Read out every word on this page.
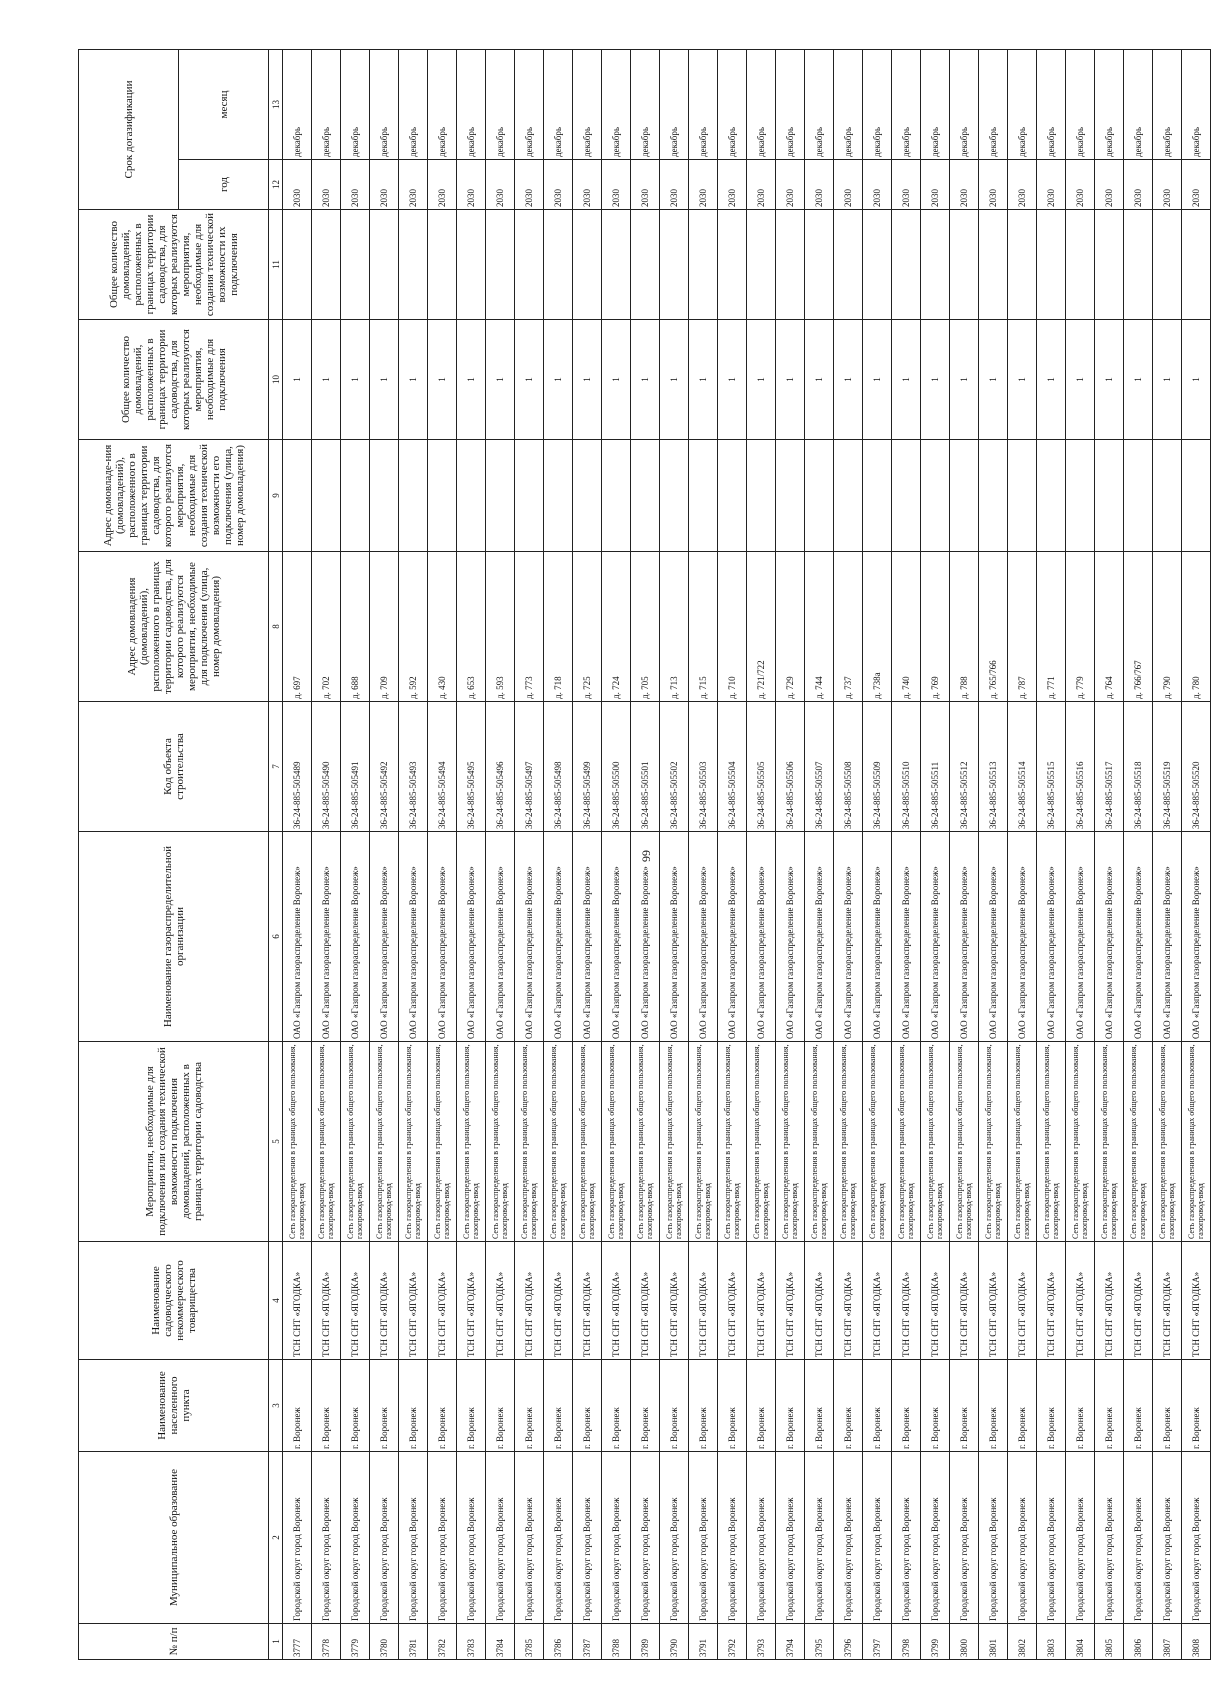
66
№ п/п	Муниципальное образование	Наименование населенного пункта	Наименование садоводческого некоммерческого товарищества	Мероприятия, необходимые для подключения или создания технической возможности подключения домовладений, расположенных в границах территории садоводства	Наименование газораспределительной организации	Код объекта строительства	Адрес домовладения (домовладений), расположенного в границах территории садоводства, для которого реализуются мероприятия, необходимые для подключения (улица, номер домовладения)	Адрес домовладе-ния (домовладений), расположенного в границах территории садоводства, для которого реализуются мероприятия, необходимые для создания технической возможности его подключения (улица, номер домовладения)	Общее количество домовладений, расположенных в границах территории садоводства, для которых реализуются мероприятия, необходимые для подключения	Общее количество домовладений, расположенных в границах территории садоводства, для которых реализуются мероприятия, необходимые для создания технической возможности их подключения	Срок догазификации	
											год	месяц
1	2	3	4	5	6	7	8	9	10	11	12	13
3777	Городской округ город Воронеж	г. Воронеж	ТСН СНТ «ЯГОДКА»	Сеть газораспределения в границах общего пользования, газопровод-ввод	ОАО «Газпром газораспределение Воронеж»	36-24-885-505489	д. 697		1		2030	декабрь
3778	Городской округ город Воронеж	г. Воронеж	ТСН СНТ «ЯГОДКА»	Сеть газораспределения в границах общего пользования, газопровод-ввод	ОАО «Газпром газораспределение Воронеж»	36-24-885-505490	д. 702		1		2030	декабрь
3779	Городской округ город Воронеж	г. Воронеж	ТСН СНТ «ЯГОДКА»	Сеть газораспределения в границах общего пользования, газопровод-ввод	ОАО «Газпром газораспределение Воронеж»	36-24-885-505491	д. 688		1		2030	декабрь
3780	Городской округ город Воронеж	г. Воронеж	ТСН СНТ «ЯГОДКА»	Сеть газораспределения в границах общего пользования, газопровод-ввод	ОАО «Газпром газораспределение Воронеж»	36-24-885-505492	д. 709		1		2030	декабрь
3781	Городской округ город Воронеж	г. Воронеж	ТСН СНТ «ЯГОДКА»	Сеть газораспределения в границах общего пользования, газопровод-ввод	ОАО «Газпром газораспределение Воронеж»	36-24-885-505493	д. 592		1		2030	декабрь
3782	Городской округ город Воронеж	г. Воронеж	ТСН СНТ «ЯГОДКА»	Сеть газораспределения в границах общего пользования, газопровод-ввод	ОАО «Газпром газораспределение Воронеж»	36-24-885-505494	д. 430		1		2030	декабрь
3783	Городской округ город Воронеж	г. Воронеж	ТСН СНТ «ЯГОДКА»	Сеть газораспределения в границах общего пользования, газопровод-ввод	ОАО «Газпром газораспределение Воронеж»	36-24-885-505495	д. 653		1		2030	декабрь
3784	Городской округ город Воронеж	г. Воронеж	ТСН СНТ «ЯГОДКА»	Сеть газораспределения в границах общего пользования, газопровод-ввод	ОАО «Газпром газораспределение Воронеж»	36-24-885-505496	д. 593		1		2030	декабрь
3785	Городской округ город Воронеж	г. Воронеж	ТСН СНТ «ЯГОДКА»	Сеть газораспределения в границах общего пользования, газопровод-ввод	ОАО «Газпром газораспределение Воронеж»	36-24-885-505497	д. 773		1		2030	декабрь
3786	Городской округ город Воронеж	г. Воронеж	ТСН СНТ «ЯГОДКА»	Сеть газораспределения в границах общего пользования, газопровод-ввод	ОАО «Газпром газораспределение Воронеж»	36-24-885-505498	д. 718		1		2030	декабрь
3787	Городской округ город Воронеж	г. Воронеж	ТСН СНТ «ЯГОДКА»	Сеть газораспределения в границах общего пользования, газопровод-ввод	ОАО «Газпром газораспределение Воронеж»	36-24-885-505499	д. 725		1		2030	декабрь
3788	Городской округ город Воронеж	г. Воронеж	ТСН СНТ «ЯГОДКА»	Сеть газораспределения в границах общего пользования, газопровод-ввод	ОАО «Газпром газораспределение Воронеж»	36-24-885-505500	д. 724		1		2030	декабрь
3789	Городской округ город Воронеж	г. Воронеж	ТСН СНТ «ЯГОДКА»	Сеть газораспределения в границах общего пользования, газопровод-ввод	ОАО «Газпром газораспределение Воронеж»	36-24-885-505501	д. 705		1		2030	декабрь
3790	Городской округ город Воронеж	г. Воронеж	ТСН СНТ «ЯГОДКА»	Сеть газораспределения в границах общего пользования, газопровод-ввод	ОАО «Газпром газораспределение Воронеж»	36-24-885-505502	д. 713		1		2030	декабрь
3791	Городской округ город Воронеж	г. Воронеж	ТСН СНТ «ЯГОДКА»	Сеть газораспределения в границах общего пользования, газопровод-ввод	ОАО «Газпром газораспределение Воронеж»	36-24-885-505503	д. 715		1		2030	декабрь
3792	Городской округ город Воронеж	г. Воронеж	ТСН СНТ «ЯГОДКА»	Сеть газораспределения в границах общего пользования, газопровод-ввод	ОАО «Газпром газораспределение Воронеж»	36-24-885-505504	д. 710		1		2030	декабрь
3793	Городской округ город Воронеж	г. Воронеж	ТСН СНТ «ЯГОДКА»	Сеть газораспределения в границах общего пользования, газопровод-ввод	ОАО «Газпром газораспределение Воронеж»	36-24-885-505505	д. 721/722		1		2030	декабрь
3794	Городской округ город Воронеж	г. Воронеж	ТСН СНТ «ЯГОДКА»	Сеть газораспределения в границах общего пользования, газопровод-ввод	ОАО «Газпром газораспределение Воронеж»	36-24-885-505506	д. 729		1		2030	декабрь
3795	Городской округ город Воронеж	г. Воронеж	ТСН СНТ «ЯГОДКА»	Сеть газораспределения в границах общего пользования, газопровод-ввод	ОАО «Газпром газораспределение Воронеж»	36-24-885-505507	д. 744		1		2030	декабрь
3796	Городской округ город Воронеж	г. Воронеж	ТСН СНТ «ЯГОДКА»	Сеть газораспределения в границах общего пользования, газопровод-ввод	ОАО «Газпром газораспределение Воронеж»	36-24-885-505508	д. 737		1		2030	декабрь
3797	Городской округ город Воронеж	г. Воронеж	ТСН СНТ «ЯГОДКА»	Сеть газораспределения в границах общего пользования, газопровод-ввод	ОАО «Газпром газораспределение Воронеж»	36-24-885-505509	д. 738а		1		2030	декабрь
3798	Городской округ город Воронеж	г. Воронеж	ТСН СНТ «ЯГОДКА»	Сеть газораспределения в границах общего пользования, газопровод-ввод	ОАО «Газпром газораспределение Воронеж»	36-24-885-505510	д. 740		1		2030	декабрь
3799	Городской округ город Воронеж	г. Воронеж	ТСН СНТ «ЯГОДКА»	Сеть газораспределения в границах общего пользования, газопровод-ввод	ОАО «Газпром газораспределение Воронеж»	36-24-885-505511	д. 769		1		2030	декабрь
3800	Городской округ город Воронеж	г. Воронеж	ТСН СНТ «ЯГОДКА»	Сеть газораспределения в границах общего пользования, газопровод-ввод	ОАО «Газпром газораспределение Воронеж»	36-24-885-505512	д. 788		1		2030	декабрь
3801	Городской округ город Воронеж	г. Воронеж	ТСН СНТ «ЯГОДКА»	Сеть газораспределения в границах общего пользования, газопровод-ввод	ОАО «Газпром газораспределение Воронеж»	36-24-885-505513	д. 765/766		1		2030	декабрь
3802	Городской округ город Воронеж	г. Воронеж	ТСН СНТ «ЯГОДКА»	Сеть газораспределения в границах общего пользования, газопровод-ввод	ОАО «Газпром газораспределение Воронеж»	36-24-885-505514	д. 787		1		2030	декабрь
3803	Городской округ город Воронеж	г. Воронеж	ТСН СНТ «ЯГОДКА»	Сеть газораспределения в границах общего пользования, газопровод-ввод	ОАО «Газпром газораспределение Воронеж»	36-24-885-505515	д. 771		1		2030	декабрь
3804	Городской округ город Воронеж	г. Воронеж	ТСН СНТ «ЯГОДКА»	Сеть газораспределения в границах общего пользования, газопровод-ввод	ОАО «Газпром газораспределение Воронеж»	36-24-885-505516	д. 779		1		2030	декабрь
3805	Городской округ город Воронеж	г. Воронеж	ТСН СНТ «ЯГОДКА»	Сеть газораспределения в границах общего пользования, газопровод-ввод	ОАО «Газпром газораспределение Воронеж»	36-24-885-505517	д. 764		1		2030	декабрь
3806	Городской округ город Воронеж	г. Воронеж	ТСН СНТ «ЯГОДКА»	Сеть газораспределения в границах общего пользования, газопровод-ввод	ОАО «Газпром газораспределение Воронеж»	36-24-885-505518	д. 766/767		1		2030	декабрь
3807	Городской округ город Воронеж	г. Воронеж	ТСН СНТ «ЯГОДКА»	Сеть газораспределения в границах общего пользования, газопровод-ввод	ОАО «Газпром газораспределение Воронеж»	36-24-885-505519	д. 790		1		2030	декабрь
3808	Городской округ город Воронеж	г. Воронеж	ТСН СНТ «ЯГОДКА»	Сеть газораспределения в границах общего пользования, газопровод-ввод	ОАО «Газпром газораспределение Воронеж»	36-24-885-505520	д. 780		1		2030	декабрь
